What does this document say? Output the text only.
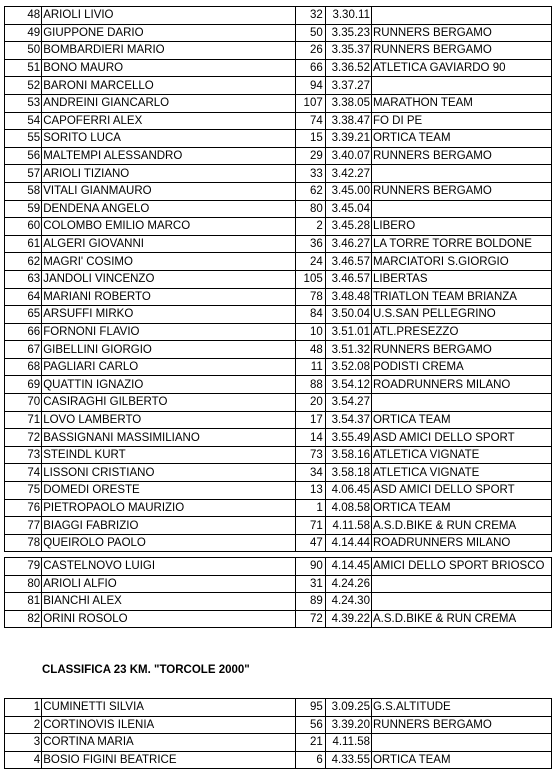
48	ARIOLI LIVIO	32	3.30.11	
49	GIUPPONE DARIO	50	3.35.23	RUNNERS BERGAMO
50	BOMBARDIERI MARIO	26	3.35.37	RUNNERS BERGAMO
51	BONO MAURO	66	3.36.52	ATLETICA GAVIARDO 90
52	BARONI MARCELLO	94	3.37.27	
53	ANDREINI GIANCARLO	107	3.38.05	MARATHON TEAM
54	CAPOFERRI ALEX	74	3.38.47	FO DI PE
55	SORITO LUCA	15	3.39.21	ORTICA TEAM
56	MALTEMPI ALESSANDRO	29	3.40.07	RUNNERS BERGAMO
57	ARIOLI TIZIANO	33	3.42.27	
58	VITALI GIANMAURO	62	3.45.00	RUNNERS BERGAMO
59	DENDENA ANGELO	80	3.45.04	
60	COLOMBO EMILIO MARCO	2	3.45.28	LIBERO
61	ALGERI GIOVANNI	36	3.46.27	LA TORRE TORRE BOLDONE
62	MAGRI' COSIMO	24	3.46.57	MARCIATORI S.GIORGIO
63	JANDOLI VINCENZO	105	3.46.57	LIBERTAS
64	MARIANI ROBERTO	78	3.48.48	TRIATLON TEAM BRIANZA
65	ARSUFFI MIRKO	84	3.50.04	U.S.SAN PELLEGRINO
66	FORNONI FLAVIO	10	3.51.01	ATL.PRESEZZO
67	GIBELLINI GIORGIO	48	3.51.32	RUNNERS BERGAMO
68	PAGLIARI CARLO	11	3.52.08	PODISTI CREMA
69	QUATTIN IGNAZIO	88	3.54.12	ROADRUNNERS MILANO
70	CASIRAGHI GILBERTO	20	3.54.27	
71	LOVO LAMBERTO	17	3.54.37	ORTICA TEAM
72	BASSIGNANI MASSIMILIANO	14	3.55.49	ASD AMICI DELLO SPORT
73	STEINDL KURT	73	3.58.16	ATLETICA VIGNATE
74	LISSONI CRISTIANO	34	3.58.18	ATLETICA VIGNATE
75	DOMEDI ORESTE	13	4.06.45	ASD AMICI DELLO SPORT
76	PIETROPAOLO MAURIZIO	1	4.08.58	ORTICA TEAM
77	BIAGGI FABRIZIO	71	4.11.58	A.S.D.BIKE & RUN CREMA
78	QUEIROLO PAOLO	47	4.14.44	ROADRUNNERS MILANO
79	CASTELNOVO LUIGI	90	4.14.45	AMICI DELLO SPORT BRIOSCO
80	ARIOLI ALFIO	31	4.24.26	
81	BIANCHI ALEX	89	4.24.30	
82	ORINI ROSOLO	72	4.39.22	A.S.D.BIKE & RUN CREMA
CLASSIFICA 23 KM. "TORCOLE 2000"
1	CUMINETTI SILVIA	95	3.09.25	G.S.ALTITUDE
2	CORTINOVIS ILENIA	56	3.39.20	RUNNERS BERGAMO
3	CORTINA MARIA	21	4.11.58	
4	BOSIO FIGINI BEATRICE	6	4.33.55	ORTICA TEAM
